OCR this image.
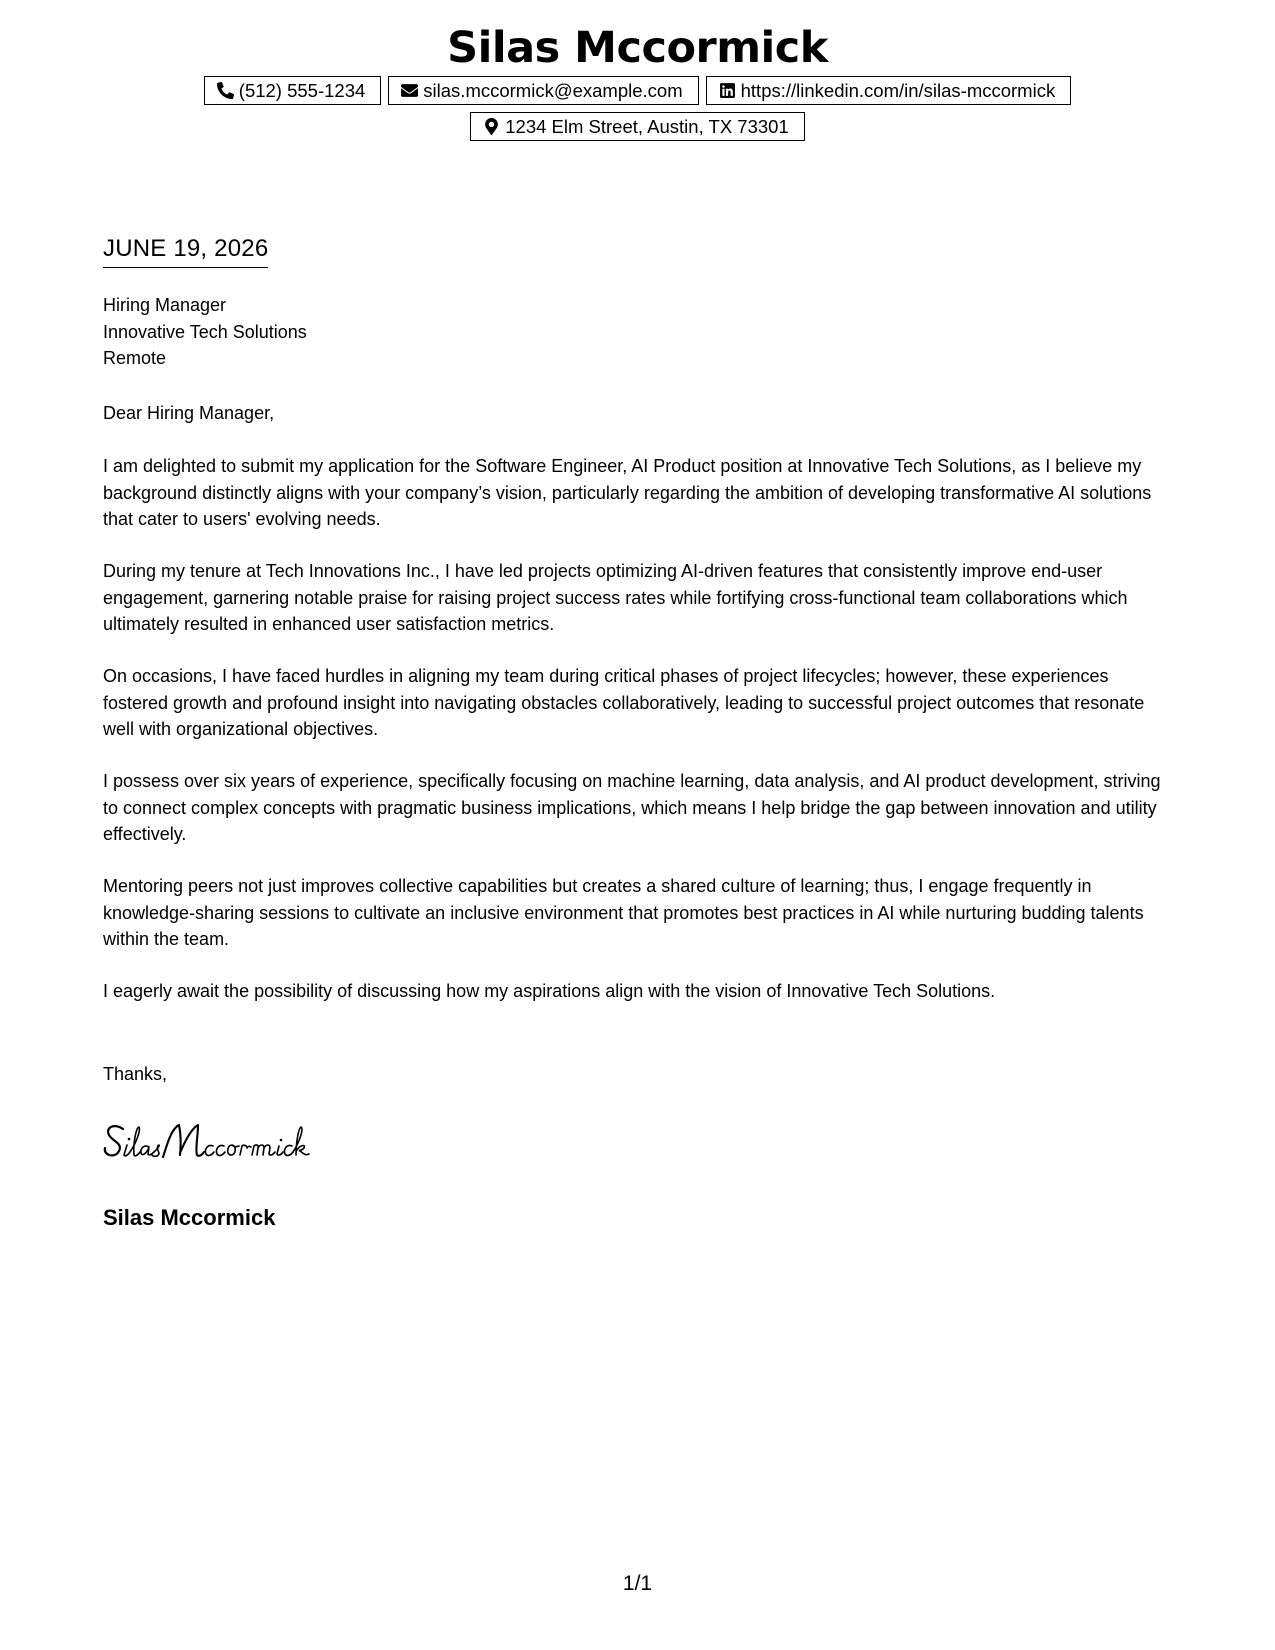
Silas Mccormick
(512) 555-1234	silas.mccormick@example.com	https://linkedin.com/in/silas-mccormick
1234 Elm Street, Austin, TX 73301
JUNE 19, 2026
Hiring Manager
Innovative Tech Solutions
Remote
Dear Hiring Manager,

I am delighted to submit my application for the Software Engineer, AI Product position at Innovative Tech Solutions, as I believe my background distinctly aligns with your company’s vision, particularly regarding the ambition of developing transformative AI solutions that cater to users' evolving needs.

During my tenure at Tech Innovations Inc., I have led projects optimizing AI-driven features that consistently improve end-user engagement, garnering notable praise for raising project success rates while fortifying cross-functional team collaborations which ultimately resulted in enhanced user satisfaction metrics.

On occasions, I have faced hurdles in aligning my team during critical phases of project lifecycles; however, these experiences fostered growth and profound insight into navigating obstacles collaboratively, leading to successful project outcomes that resonate well with organizational objectives.

I possess over six years of experience, specifically focusing on machine learning, data analysis, and AI product development, striving to connect complex concepts with pragmatic business implications, which means I help bridge the gap between innovation and utility effectively.

Mentoring peers not just improves collective capabilities but creates a shared culture of learning; thus, I engage frequently in knowledge-sharing sessions to cultivate an inclusive environment that promotes best practices in AI while nurturing budding talents within the team.

I eagerly await the possibility of discussing how my aspirations align with the vision of Innovative Tech Solutions.

Thanks,
Silas Mccormick
1/1
